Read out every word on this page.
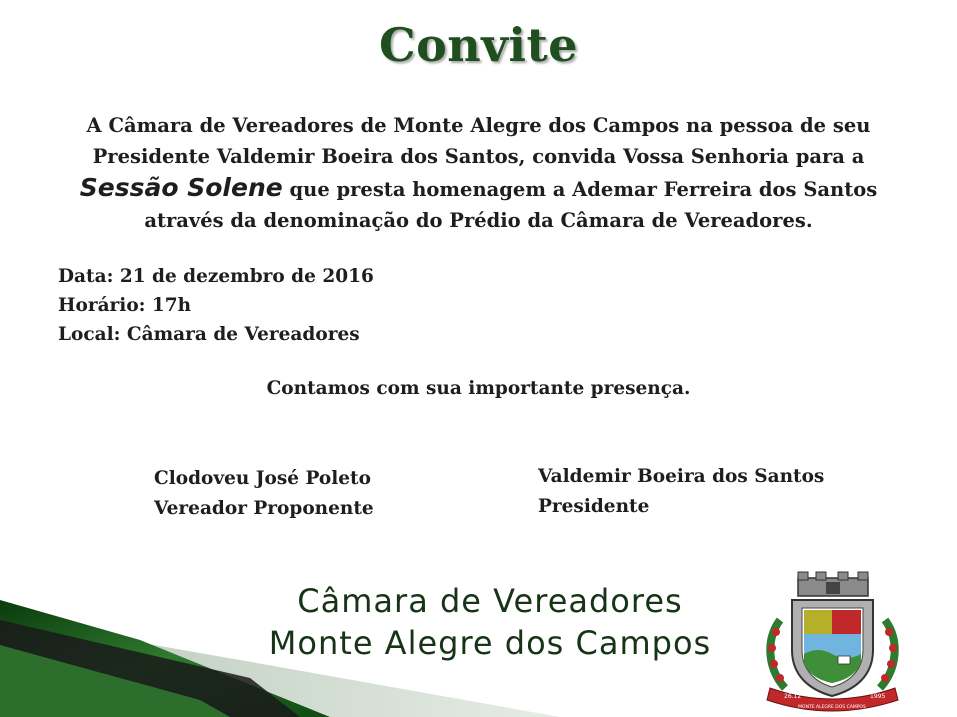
Convite
A Câmara de Vereadores de Monte Alegre dos Campos na pessoa de seu
Presidente Valdemir Boeira dos Santos, convida Vossa Senhoria para a
Sessão Solene que presta homenagem a Ademar Ferreira dos Santos
através da denominação do Prédio da Câmara de Vereadores.
Data: 21 de dezembro de 2016
Horário: 17h
Local: Câmara de Vereadores
Contamos com sua importante presença.
Clodoveu José Poleto
Vereador Proponente
Valdemir Boeira dos Santos
Presidente
Câmara de Vereadores
Monte Alegre dos Campos
26.12	1995
MONTE ALEGRE DOS CAMPOS
